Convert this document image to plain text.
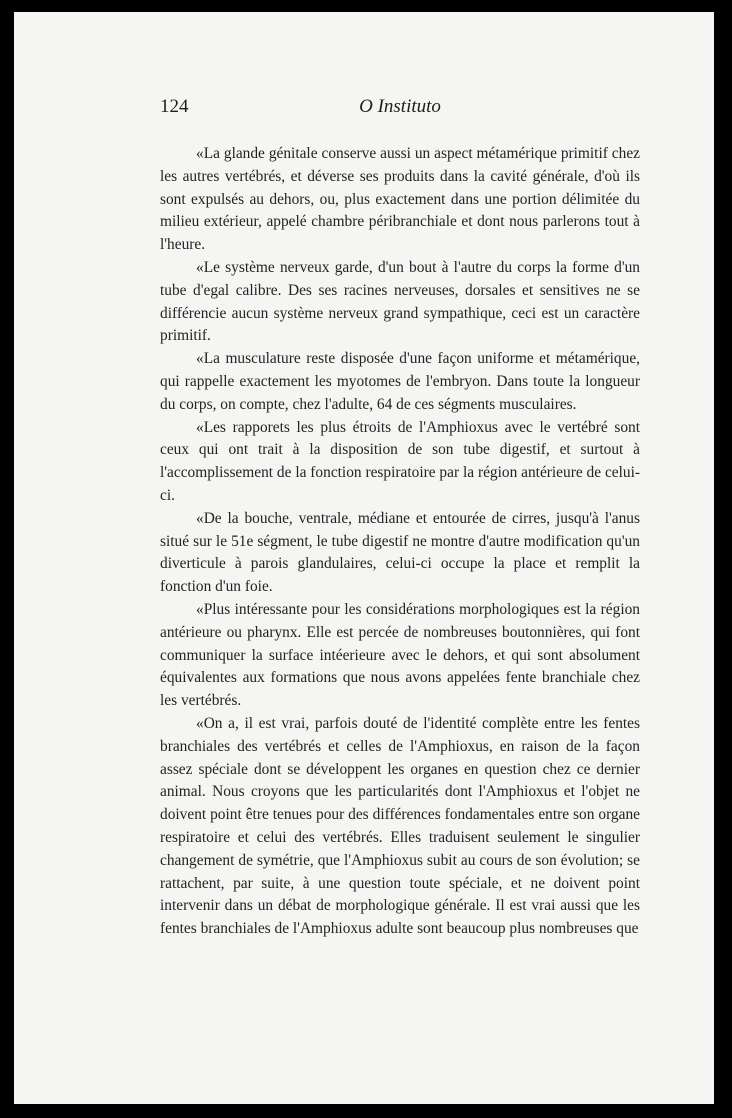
124	O Instituto

«La glande génitale conserve aussi un aspect métamérique primitif chez les autres vertébrés, et déverse ses produits dans la cavité générale, d'où ils sont expulsés au dehors, ou, plus exactement dans une portion délimitée du milieu extérieur, appelé chambre péribranchiale et dont nous parlerons tout à l'heure.

«Le système nerveux garde, d'un bout à l'autre du corps la forme d'un tube d'egal calibre. Des ses racines nerveuses, dorsales et sensitives ne se différencie aucun système nerveux grand sympathique, ceci est un caractère primitif.

«La musculature reste disposée d'une façon uniforme et métamérique, qui rappelle exactement les myotomes de l'embryon. Dans toute la longueur du corps, on compte, chez l'adulte, 64 de ces ségments musculaires.

«Les rapporets les plus étroits de l'Amphioxus avec le vertébré sont ceux qui ont trait à la disposition de son tube digestif, et surtout à l'accomplissement de la fonction respiratoire par la région antérieure de celui-ci.

«De la bouche, ventrale, médiane et entourée de cirres, jusqu'à l'anus situé sur le 51e ségment, le tube digestif ne montre d'autre modification qu'un diverticule à parois glandulaires, celui-ci occupe la place et remplit la fonction d'un foie.

«Plus intéressante pour les considérations morphologiques est la région antérieure ou pharynx. Elle est percée de nombreuses boutonnières, qui font communiquer la surface intéerieure avec le dehors, et qui sont absolument équivalentes aux formations que nous avons appelées fente branchiale chez les vertébrés.

«On a, il est vrai, parfois douté de l'identité complète entre les fentes branchiales des vertébrés et celles de l'Amphioxus, en raison de la façon assez spéciale dont se développent les organes en question chez ce dernier animal. Nous croyons que les particularités dont l'Amphioxus et l'objet ne doivent point être tenues pour des différences fondamentales entre son organe respiratoire et celui des vertébrés. Elles traduisent seulement le singulier changement de symétrie, que l'Amphioxus subit au cours de son évolution; se rattachent, par suite, à une question toute spéciale, et ne doivent point intervenir dans un débat de morphologique générale. Il est vrai aussi que les fentes branchiales de l'Amphioxus adulte sont beaucoup plus nombreuses que
